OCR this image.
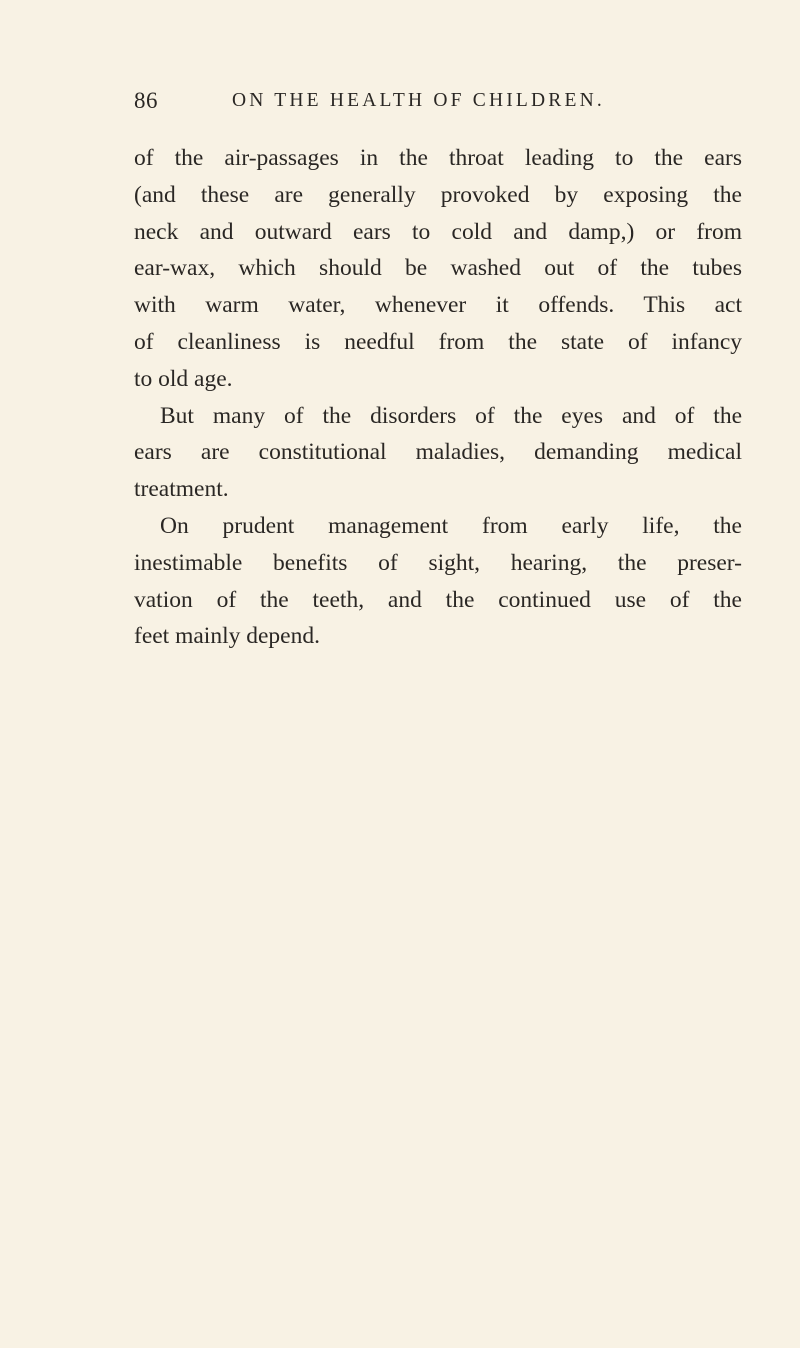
86	ON THE HEALTH OF CHILDREN.
of the air-passages in the throat leading to the ears
(and these are generally provoked by exposing the
neck and outward ears to cold and damp,) or from
ear-wax, which should be washed out of the tubes
with warm water, whenever it offends. This act
of cleanliness is needful from the state of infancy
to old age.
But many of the disorders of the eyes and of the
ears are constitutional maladies, demanding medical
treatment.
On prudent management from early life, the
inestimable benefits of sight, hearing, the preser-
vation of the teeth, and the continued use of the
feet mainly depend.
